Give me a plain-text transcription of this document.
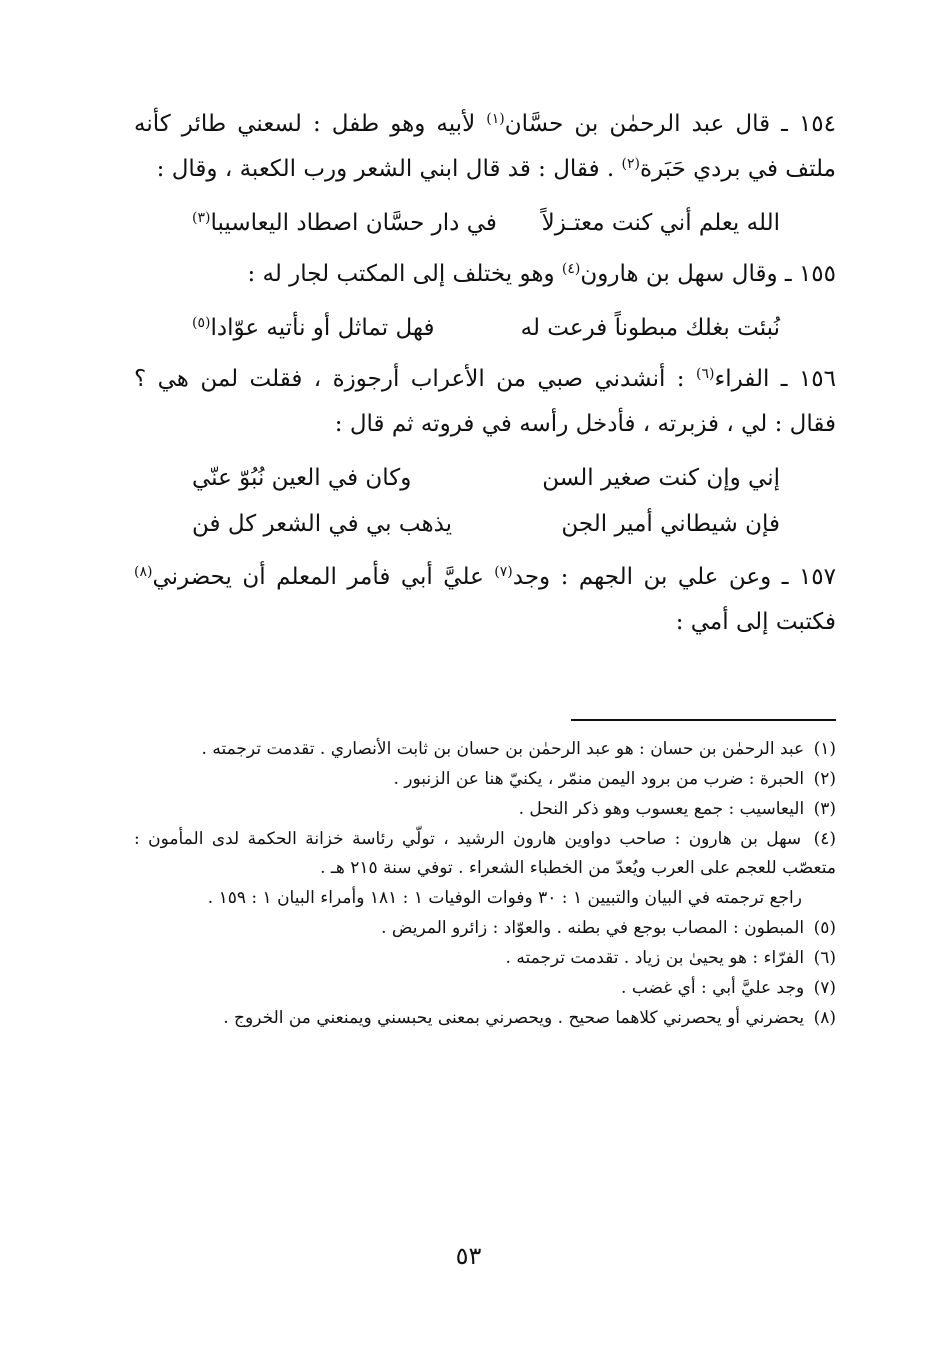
١٥٤ ـ قال عبد الرحمٰن بن حسَّان$^{(١)}$ لأبيه وهو طفل : لسعني طائر كأنه ملتف في بردي حَبَرة$^{(٢)}$ . فقال : قد قال ابني الشعر ورب الكعبة ، وقال :

الله يعلم أني كنت معتـزلاً
في دار حسَّان اصطاد اليعاسيبا$^{(٣)}$

١٥٥ ـ وقال سهل بن هارون$^{(٤)}$ وهو يختلف إلى المكتب لجار له :

نُبئت بغلك مبطوناً فرعت له
فهل تماثل أو نأتيه عوّادا$^{(٥)}$

١٥٦ ـ الفراء$^{(٦)}$ : أنشدني صبي من الأعراب أرجوزة ، فقلت لمن هي ؟ فقال : لي ، فزبرته ، فأدخل رأسه في فروته ثم قال :

إني وإن كنت صغير السن
وكان في العين نُبُوّ عنّي
فإن شيطاني أمير الجن
يذهب بي في الشعر كل فن

١٥٧ ـ وعن علي بن الجهم : وجد$^{(٧)}$ عليَّ أبي فأمر المعلم أن يحضرني$^{(٨)}$ فكتبت إلى أمي :

(١) عبد الرحمٰن بن حسان : هو عبد الرحمٰن بن حسان بن ثابت الأنصاري . تقدمت ترجمته .

(٢) الحبرة : ضرب من برود اليمن منمّر ، يكنيّ هنا عن الزنبور .

(٣) اليعاسيب : جمع يعسوب وهو ذكر النحل .

(٤) سهل بن هارون : صاحب دواوين هارون الرشيد ، تولّي رئاسة خزانة الحكمة لدى المأمون : متعصّب للعجم على العرب ويُعدّ من الخطباء الشعراء . توفي سنة ٢١٥ هـ .

راجع ترجمته في البيان والتبيين ١ : ٣٠ وفوات الوفيات ١ : ١٨١ وأمراء البيان ١ : ١٥٩ .

(٥) المبطون : المصاب بوجع في بطنه . والعوّاد : زائرو المريض .

(٦) الفرّاء : هو يحيىٰ بن زياد . تقدمت ترجمته .

(٧) وجد عليَّ أبي : أي غضب .

(٨) يحضرني أو يحصرني كلاهما صحيح . ويحصرني بمعنى يحبسني ويمنعني من الخروج .

٥٣
